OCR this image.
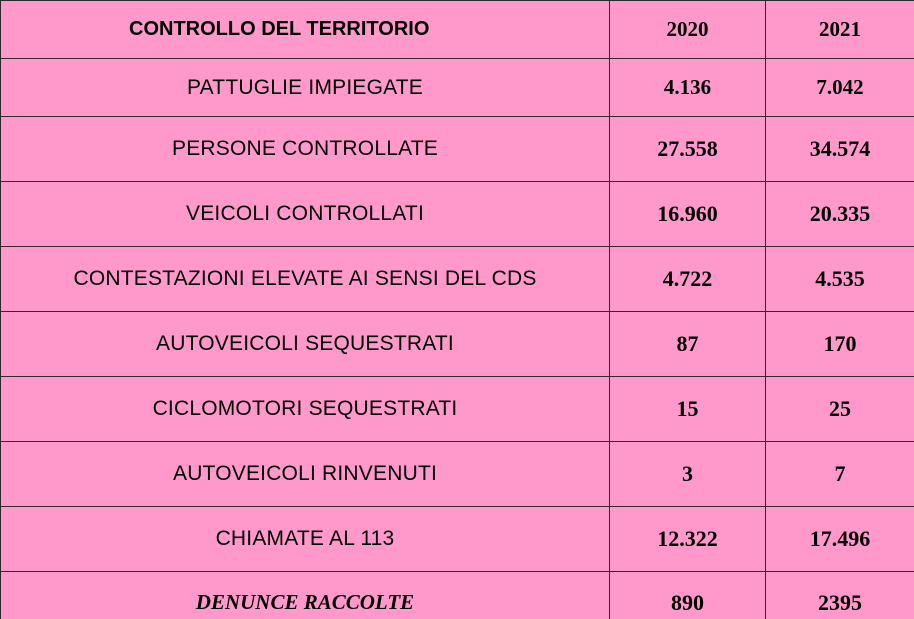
CONTROLLO DEL TERRITORIO	2020	2021
PATTUGLIE IMPIEGATE	4.136	7.042
PERSONE CONTROLLATE	27.558	34.574
VEICOLI CONTROLLATI	16.960	20.335
CONTESTAZIONI ELEVATE AI SENSI DEL CDS	4.722	4.535
AUTOVEICOLI SEQUESTRATI	87	170
CICLOMOTORI SEQUESTRATI	15	25
AUTOVEICOLI RINVENUTI	3	7
CHIAMATE AL 113	12.322	17.496
DENUNCE RACCOLTE	890	2395
